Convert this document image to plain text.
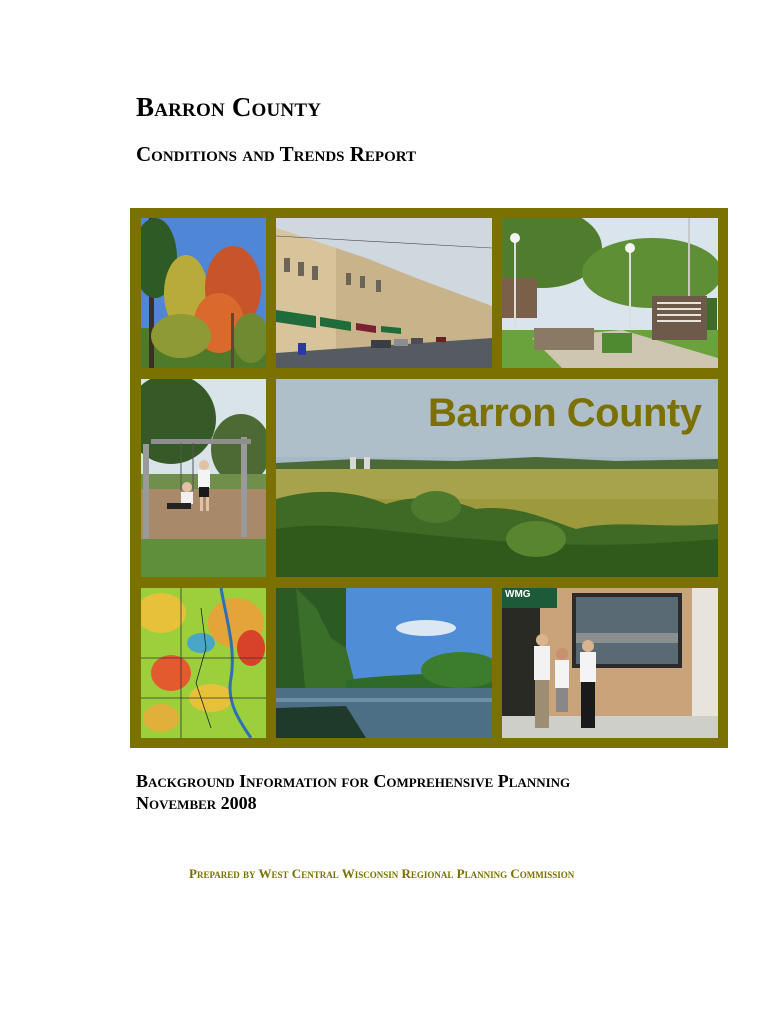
Barron County
Conditions and Trends Report
WMG
Barron County
Background Information for Comprehensive Planning
November 2008
Prepared by West Central Wisconsin Regional Planning Commission
